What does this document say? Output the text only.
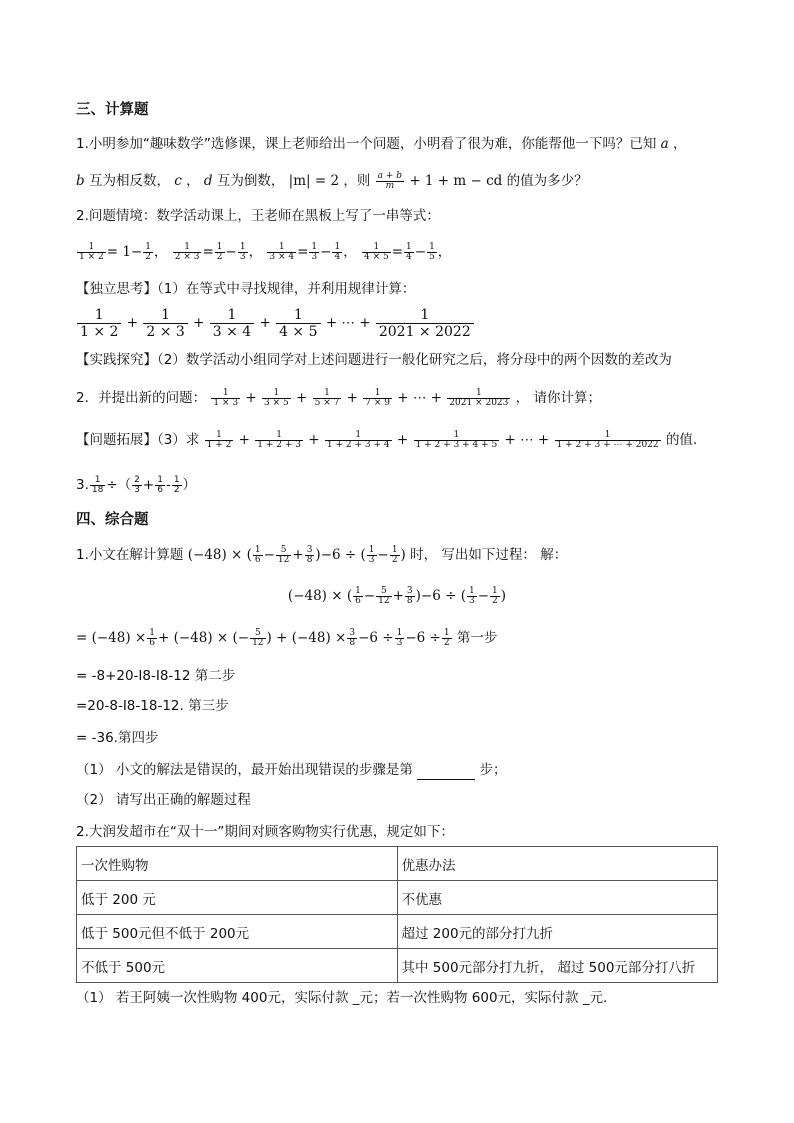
三、计算题
1.小明参加“趣味数学”选修课，课上老师给出一个问题，小明看了很为难，你能帮他一下吗？已知 a ，
b 互为相反数， c ， d 互为倒数， |m| = 2 ，则 $\frac{a + b}{m} + 1 + m$ − cd 的值为多少？
2.问题情境：数学活动课上，王老师在黑板上写了一串等式：
$\frac{1}{1 \times 2} = 1- \frac{1}{2}$ ， $\frac{1}{2 \times 3} = \frac{1}{2} - \frac{1}{3}$ ， $\frac{1}{3 \times 4} = \frac{1}{3} - \frac{1}{4}$ ， $\frac{1}{4 \times 5} = \frac{1}{4} - \frac{1}{5}$ ，
【独立思考】（1）在等式中寻找规律，并利用规律计算：
$\frac{1}{1 \times 2} + \frac{1}{2 \times 3} + \frac{1}{3 \times 4} + \frac{1}{4 \times 5}$ + ⋯ + $\frac{1}{2021 \times 2022}$
【实践探究】（2）数学活动小组同学对上述问题进行一般化研究之后，将分母中的两个因数的差改为
2．并提出新的问题： $\frac{1}{1 \times 3} + \frac{1}{3 \times 5} + \frac{1}{5 \times 7} + \frac{1}{7 \times 9}$ + ⋯ + $\frac{1}{2021 \times 2023}$ ， 请你计算；
【问题拓展】（3）求 $\frac{1}{1 + 2} + \frac{1}{1 + 2 + 3} + \frac{1}{1 + 2 + 3 + 4} + \frac{1}{1 + 2 + 3 + 4 + 5}$ + ⋯ + $\frac{1}{1 + 2 + 3 + \cdots + 2022}$ 的值．
3. $\frac{1}{18}$ ÷（ $\frac{2}{3} + \frac{1}{6} - \frac{1}{2}$ ）
四、综合题
1.小文在解计算题 (−48) × ( $\frac{1}{6} - \frac{5}{12} + \frac{3}{8} )-6$ ÷ ( $\frac{1}{3} - \frac{1}{2}$ ) 时， 写出如下过程： 解：
(−48) × ( $\frac{1}{6} - \frac{5}{12} + \frac{3}{8} )-6$ ÷ ( $\frac{1}{3} - \frac{1}{2}$ )
= $(-48) \times \frac{1}{6} + (-48)$ × (− $\frac{5}{12}$ ) + $(-48) \times \frac{3}{8} -6 \div \frac{1}{3} -6 \div \frac{1}{2}$ 第一步
= -8+20-I8-I8-12 第二步
=20-8-I8-18-12. 第三步
= -36.第四步
（1） 小文的解法是错误的，最开始出现错误的步骤是第	步；
（2） 请写出正确的解题过程
2.大润发超市在“双十一”期间对顾客购物实行优惠，规定如下：
一次性购物	优惠办法
低于 200 元	不优惠
低于 500元但不低于 200元	超过 200元的部分打九折
不低于 500元	其中 500元部分打九折， 超过 500元部分打八折
（1） 若王阿姨一次性购物 400元，实际付款 _元；若一次性购物 600元，实际付款 _元．
